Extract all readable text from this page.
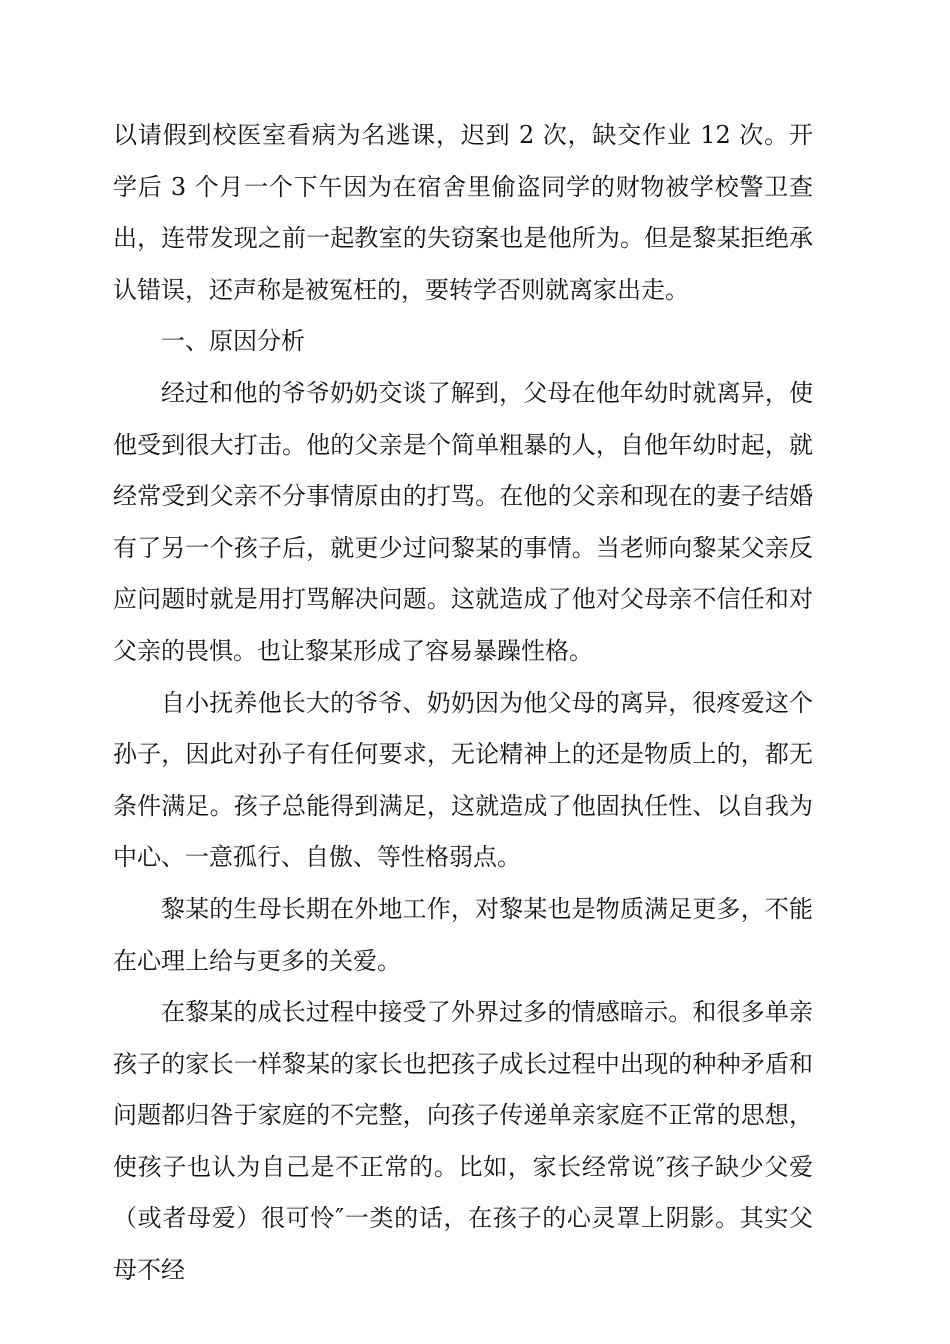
以请假到校医室看病为名逃课，迟到 2 次，缺交作业 12 次。开学后 3 个月一个下午因为在宿舍里偷盗同学的财物被学校警卫查出，连带发现之前一起教室的失窃案也是他所为。但是黎某拒绝承认错误，还声称是被冤枉的，要转学否则就离家出走。

一、原因分析

经过和他的爷爷奶奶交谈了解到，父母在他年幼时就离异，使他受到很大打击。他的父亲是个简单粗暴的人，自他年幼时起，就经常受到父亲不分事情原由的打骂。在他的父亲和现在的妻子结婚有了另一个孩子后，就更少过问黎某的事情。当老师向黎某父亲反应问题时就是用打骂解决问题。这就造成了他对父母亲不信任和对父亲的畏惧。也让黎某形成了容易暴躁性格。

自小抚养他长大的爷爷、奶奶因为他父母的离异，很疼爱这个孙子，因此对孙子有任何要求，无论精神上的还是物质上的，都无条件满足。孩子总能得到满足，这就造成了他固执任性、以自我为中心、一意孤行、自傲、等性格弱点。

黎某的生母长期在外地工作，对黎某也是物质满足更多，不能在心理上给与更多的关爱。

在黎某的成长过程中接受了外界过多的情感暗示。和很多单亲孩子的家长一样黎某的家长也把孩子成长过程中出现的种种矛盾和问题都归咎于家庭的不完整，向孩子传递单亲家庭不正常的思想，使孩子也认为自己是不正常的。比如，家长经常说″孩子缺少父爱（或者母爱）很可怜″一类的话，在孩子的心灵罩上阴影。其实父母不经
